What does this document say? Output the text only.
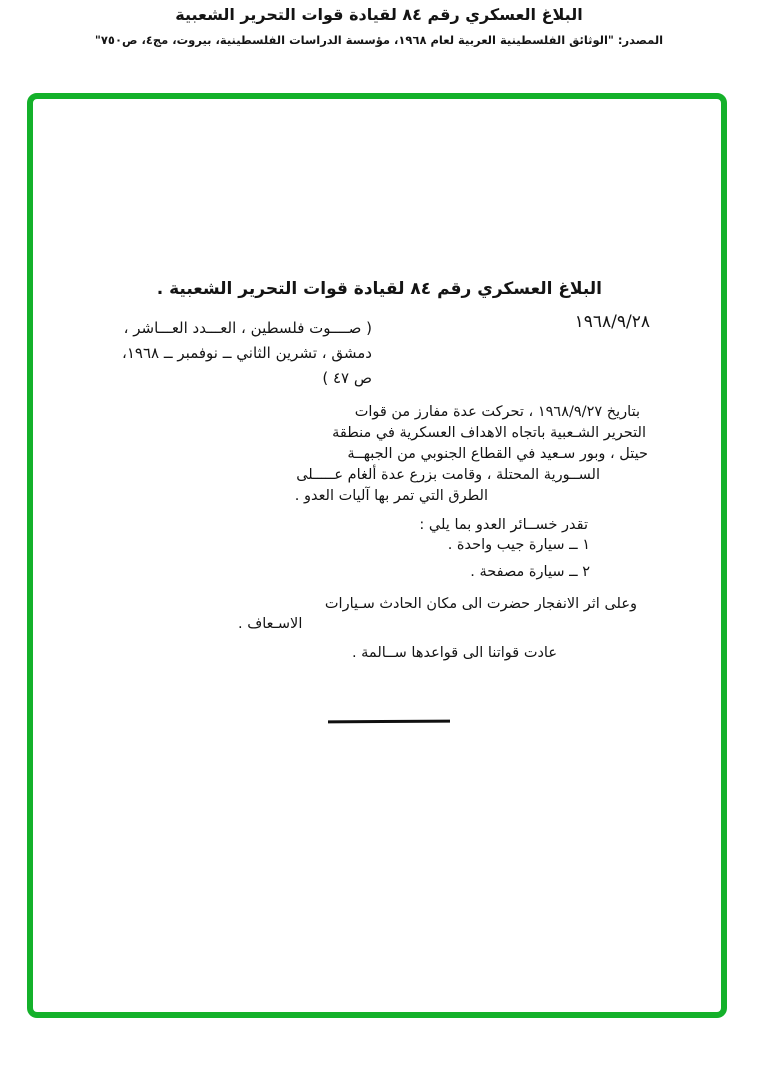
البلاغ العسكري رقم ٨٤ لقيادة قوات التحرير الشعبية
المصدر: "الوثائق الفلسطينية العربية لعام ١٩٦٨، مؤسسة الدراسات الفلسطينية، بيروت، مج٤، ص٧٥٠"
البلاغ العسكري رقم ٨٤ لقيادة قوات التحرير الشعبية .
١٩٦٨/٩/٢٨
( صــــوت فلسطين ، العـــدد العـــاشر ،
دمشق ، تشرين الثاني ــ نوفمبر ــ ١٩٦٨،
ص ٤٧ )
بتاريخ ١٩٦٨/٩/٢٧ ، تحركت عدة مفارز من قوات
التحرير الشـعبية باتجاه الاهداف العسكرية في منطقة
حيتل ، وبور سـعيد في القطاع الجنوبي من الجبهــة
الســورية المحتلة ، وقامت بزرع عدة ألغام عـــــلى
الطرق التي تمر بها آليات العدو .
تقدر خســائر العدو بما يلي :
١ ــ سيارة جيب واحدة .
٢ ــ سيارة مصفحة .
وعلى اثر الانفجار حضرت الى مكان الحادث سـيارات
الاسـعاف .
عادت قواتنا الى قواعدها ســالمة .
